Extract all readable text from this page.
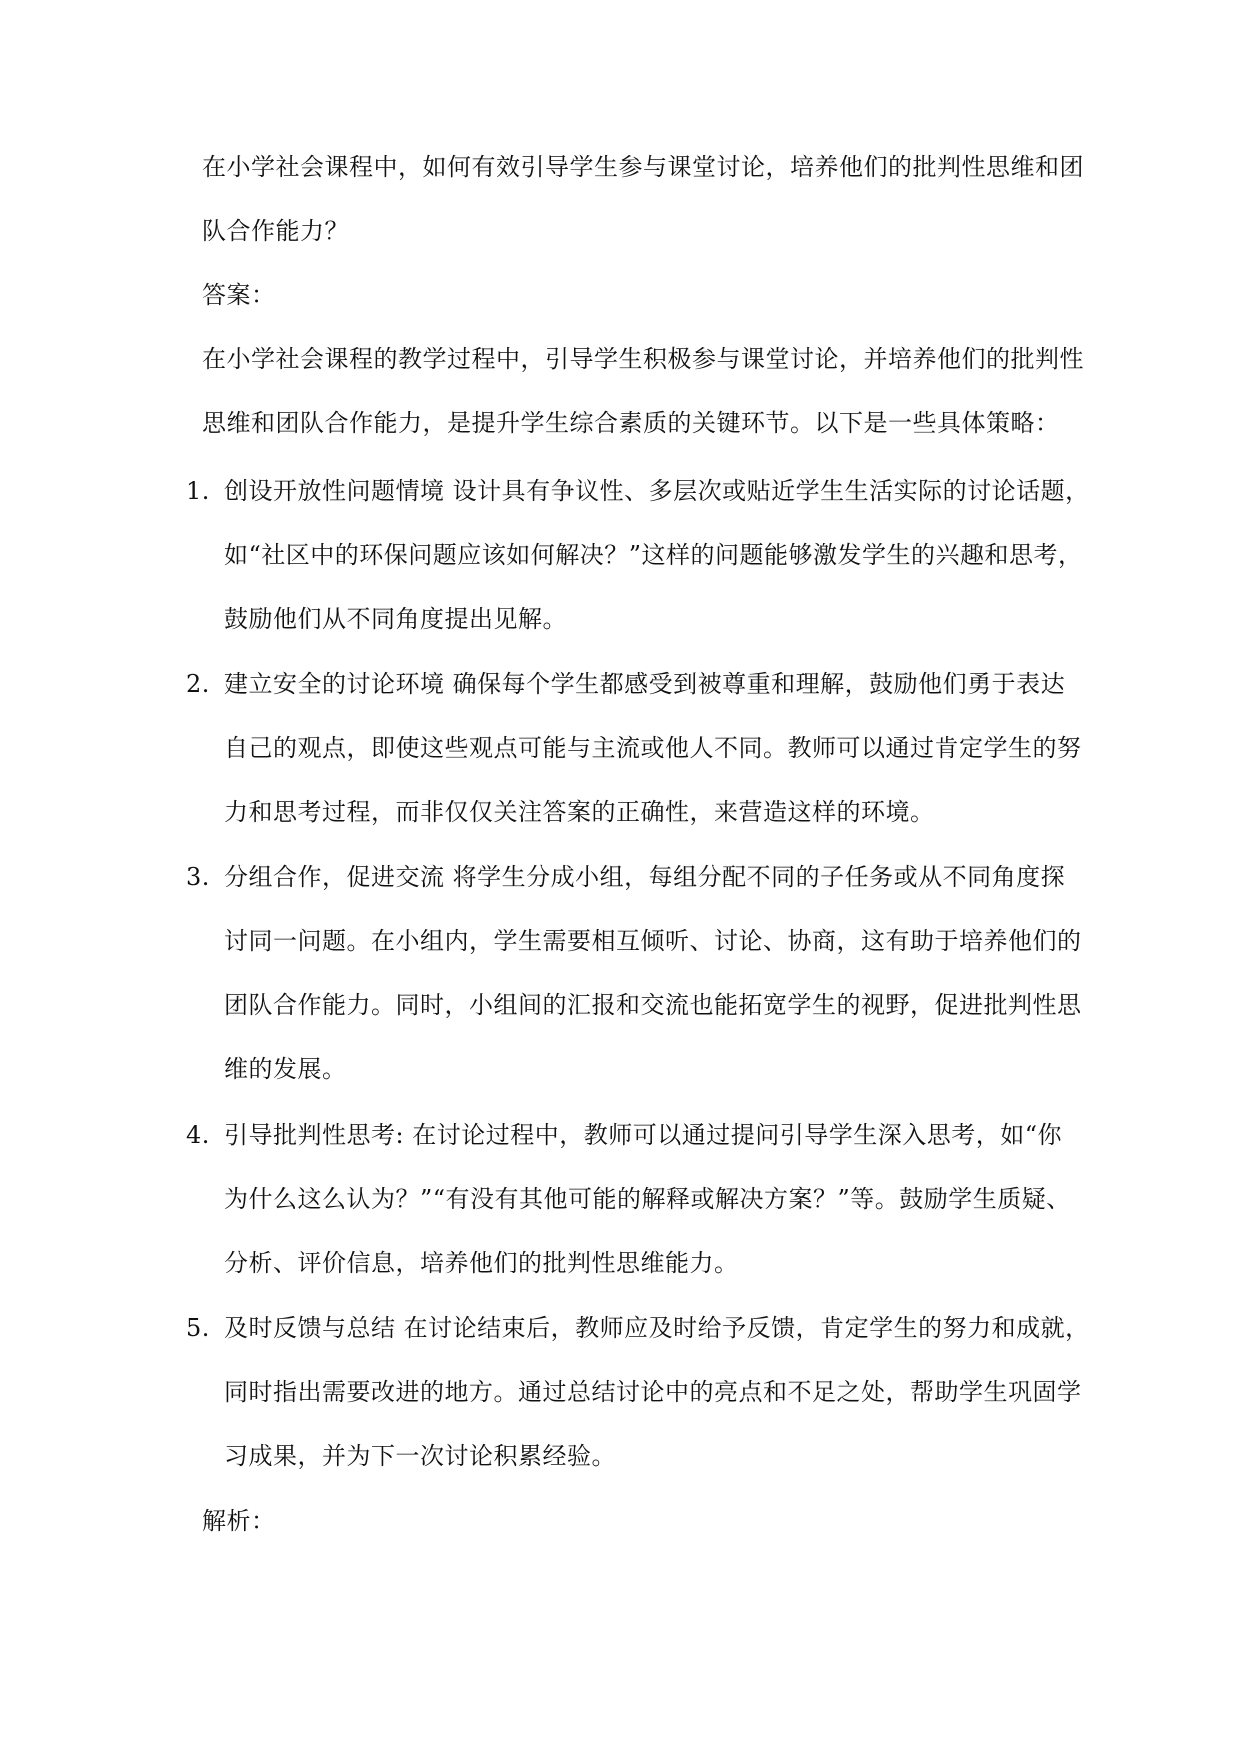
在小学社会课程中，如何有效引导学生参与课堂讨论，培养他们的批判性思维和团
队合作能力？
答案：
在小学社会课程的教学过程中，引导学生积极参与课堂讨论，并培养他们的批判性
思维和团队合作能力，是提升学生综合素质的关键环节。以下是一些具体策略：
1. 创设开放性问题情境 设计具有争议性、多层次或贴近学生生活实际的讨论话题，
如“社区中的环保问题应该如何解决？”这样的问题能够激发学生的兴趣和思考，
鼓励他们从不同角度提出见解。
2. 建立安全的讨论环境 确保每个学生都感受到被尊重和理解，鼓励他们勇于表达
自己的观点，即使这些观点可能与主流或他人不同。教师可以通过肯定学生的努
力和思考过程，而非仅仅关注答案的正确性，来营造这样的环境。
3. 分组合作，促进交流 将学生分成小组，每组分配不同的子任务或从不同角度探
讨同一问题。在小组内，学生需要相互倾听、讨论、协商，这有助于培养他们的
团队合作能力。同时，小组间的汇报和交流也能拓宽学生的视野，促进批判性思
维的发展。
4. 引导批判性思考: 在讨论过程中，教师可以通过提问引导学生深入思考，如“你
为什么这么认为？”“有没有其他可能的解释或解决方案？”等。鼓励学生质疑、
分析、评价信息，培养他们的批判性思维能力。
5. 及时反馈与总结 在讨论结束后，教师应及时给予反馈，肯定学生的努力和成就，
同时指出需要改进的地方。通过总结讨论中的亮点和不足之处，帮助学生巩固学
习成果，并为下一次讨论积累经验。
解析：
